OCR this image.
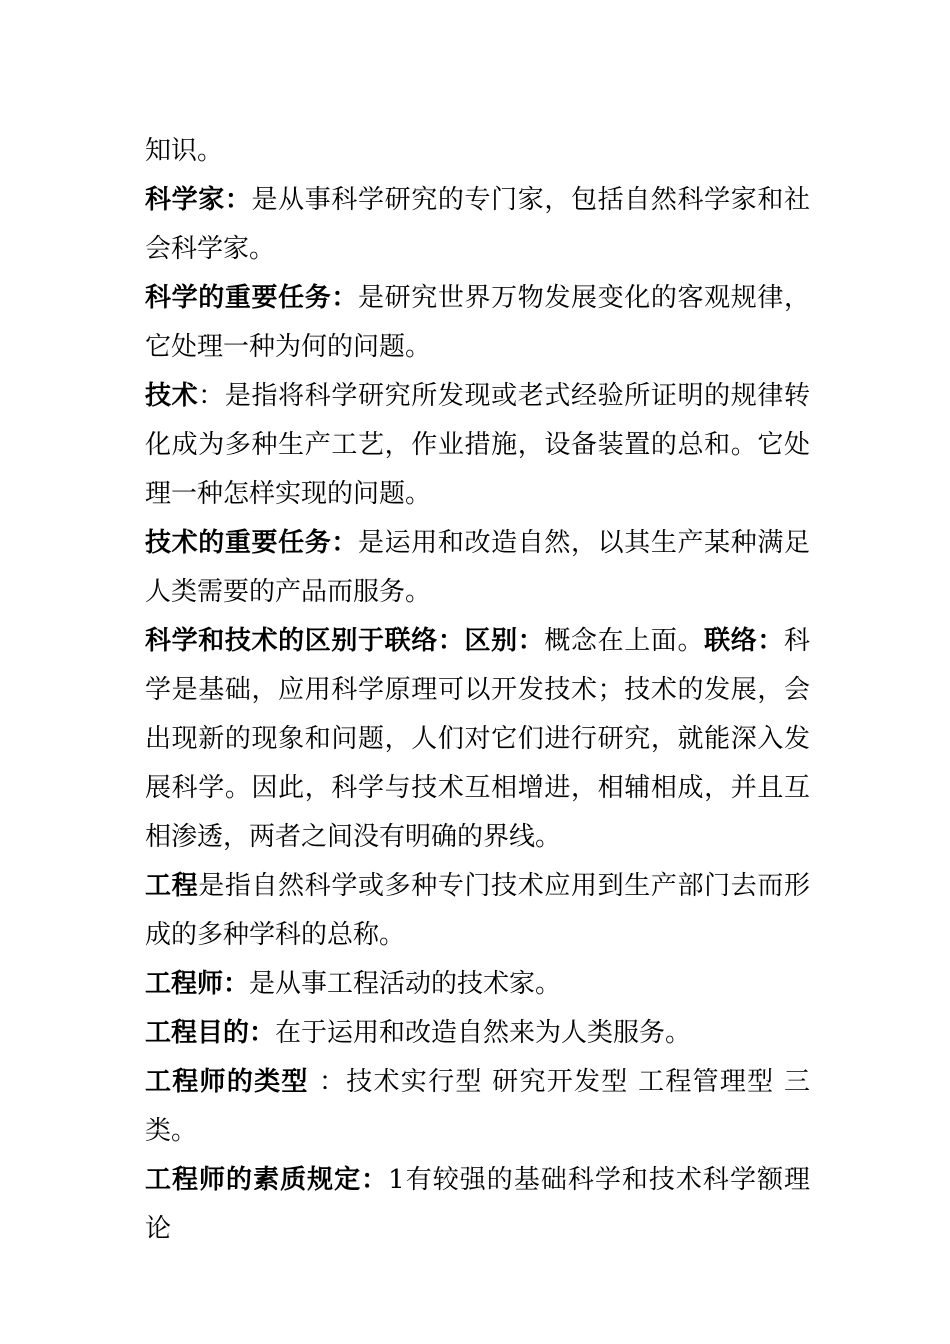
知识。

科学家：是从事科学研究的专门家，包括自然科学家和社会科学家。

科学的重要任务：是研究世界万物发展变化的客观规律，它处理一种为何的问题。

技术：是指将科学研究所发现或老式经验所证明的规律转化成为多种生产工艺，作业措施，设备装置的总和。它处理一种怎样实现的问题。

技术的重要任务：是运用和改造自然，以其生产某种满足人类需要的产品而服务。

科学和技术的区别于联络：区别：概念在上面。联络：科学是基础，应用科学原理可以开发技术；技术的发展，会出现新的现象和问题，人们对它们进行研究，就能深入发展科学。因此，科学与技术互相增进，相辅相成，并且互相渗透，两者之间没有明确的界线。

工程是指自然科学或多种专门技术应用到生产部门去而形成的多种学科的总称。

工程师：是从事工程活动的技术家。

工程目的：在于运用和改造自然来为人类服务。

工程师的类型 ：技术实行型 研究开发型 工程管理型 三类。

工程师的素质规定：1有较强的基础科学和技术科学额理论
